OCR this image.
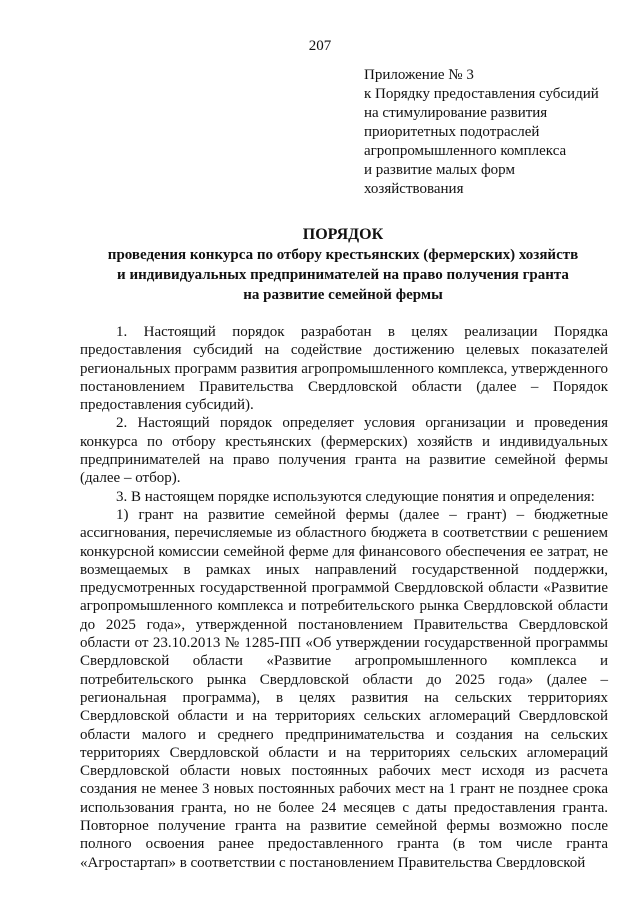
207
Приложение № 3
к Порядку предоставления субсидий
на стимулирование развития
приоритетных подотраслей
агропромышленного комплекса
и развитие малых форм
хозяйствования
ПОРЯДОК
проведения конкурса по отбору крестьянских (фермерских) хозяйств
и индивидуальных предпринимателей на право получения гранта
на развитие семейной фермы

1. Настоящий порядок разработан в целях реализации Порядка предоставления субсидий на содействие достижению целевых показателей региональных программ развития агропромышленного комплекса, утвержденного постановлением Правительства Свердловской области (далее – Порядок предоставления субсидий).

2. Настоящий порядок определяет условия организации и проведения конкурса по отбору крестьянских (фермерских) хозяйств и индивидуальных предпринимателей на право получения гранта на развитие семейной фермы (далее – отбор).

3. В настоящем порядке используются следующие понятия и определения:

1) грант на развитие семейной фермы (далее – грант) – бюджетные ассигнования, перечисляемые из областного бюджета в соответствии с решением конкурсной комиссии семейной ферме для финансового обеспечения ее затрат, не возмещаемых в рамках иных направлений государственной поддержки, предусмотренных государственной программой Свердловской области «Развитие агропромышленного комплекса и потребительского рынка Свердловской области до 2025 года», утвержденной постановлением Правительства Свердловской области от 23.10.2013 № 1285-ПП «Об утверждении государственной программы Свердловской области «Развитие агропромышленного комплекса и потребительского рынка Свердловской области до 2025 года» (далее – региональная программа), в целях развития на сельских территориях Свердловской области и на территориях сельских агломераций Свердловской области малого и среднего предпринимательства и создания на сельских территориях Свердловской области и на территориях сельских агломераций Свердловской области новых постоянных рабочих мест исходя из расчета создания не менее 3 новых постоянных рабочих мест на 1 грант не позднее срока использования гранта, но не более 24 месяцев с даты предоставления гранта. Повторное получение гранта на развитие семейной фермы возможно после полного освоения ранее предоставленного гранта (в том числе гранта «Агростартап» в соответствии с постановлением Правительства Свердловской
